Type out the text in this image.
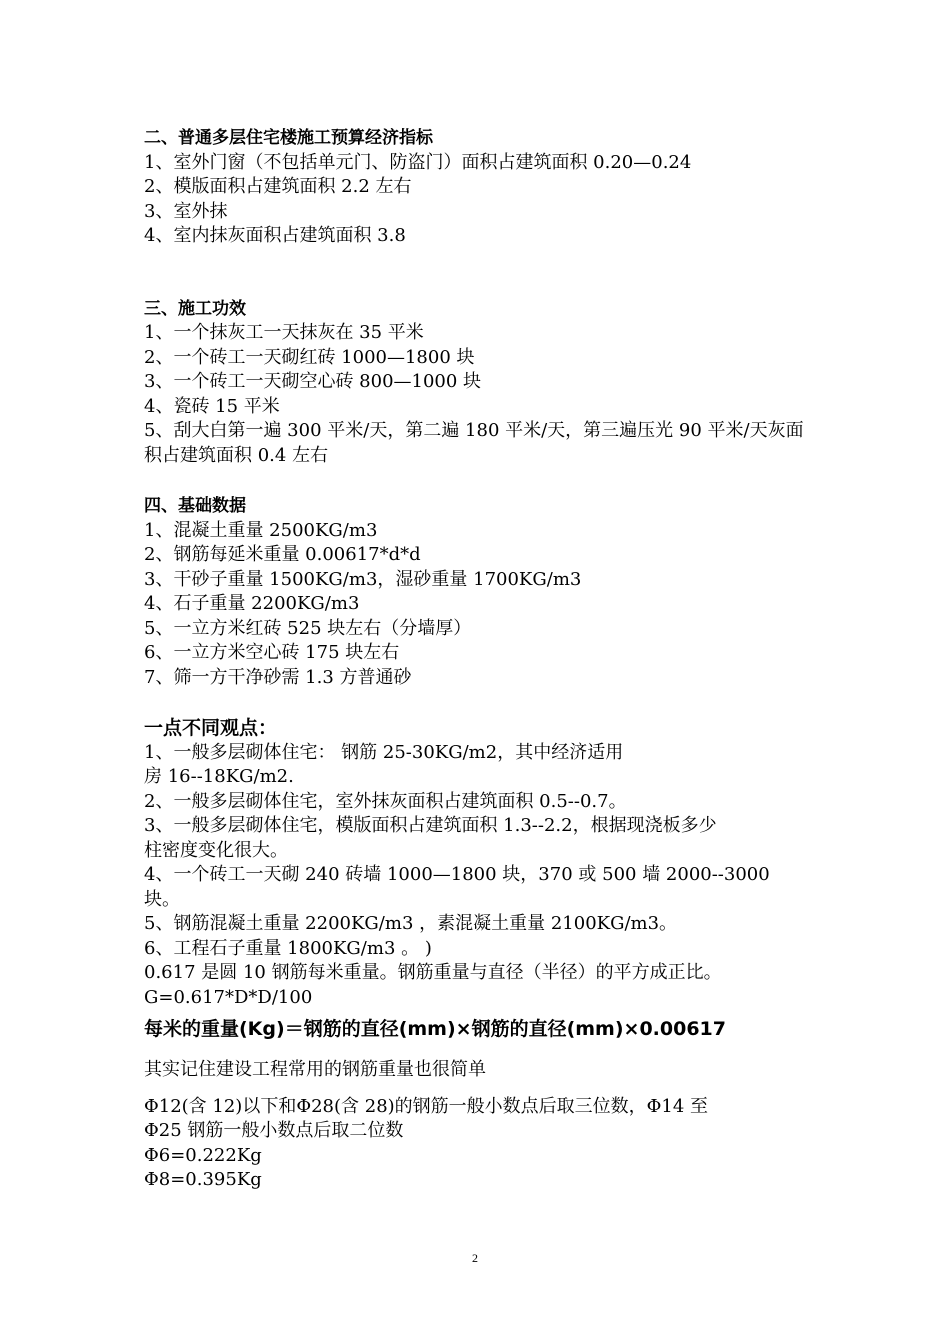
二、普通多层住宅楼施工预算经济指标
1、室外门窗（不包括单元门、防盗门）面积占建筑面积 0.20—0.24
2、模版面积占建筑面积 2.2 左右
3、室外抹
4、室内抹灰面积占建筑面积 3.8
三、施工功效
1、一个抹灰工一天抹灰在 35 平米
2、一个砖工一天砌红砖 1000—1800 块
3、一个砖工一天砌空心砖 800—1000 块
4、瓷砖 15 平米
5、刮大白第一遍 300 平米/天，第二遍 180 平米/天，第三遍压光 90 平米/天灰面积占建筑面积 0.4 左右
四、基础数据
1、混凝土重量 2500KG/m3
2、钢筋每延米重量 0.00617*d*d
3、干砂子重量 1500KG/m3，湿砂重量 1700KG/m3
4、石子重量 2200KG/m3
5、一立方米红砖 525 块左右（分墙厚）
6、一立方米空心砖 175 块左右
7、筛一方干净砂需 1.3 方普通砂
一点不同观点：
1、一般多层砌体住宅： 钢筋 25-30KG/m2，其中经济适用
房 16--18KG/m2.
2、一般多层砌体住宅，室外抹灰面积占建筑面积 0.5--0.7。
3、一般多层砌体住宅，模版面积占建筑面积 1.3--2.2，根据现浇板多少
柱密度变化很大。
4、一个砖工一天砌 240 砖墙 1000—1800 块，370 或 500 墙 2000--3000
块。
5、钢筋混凝土重量 2200KG/m3 ，素混凝土重量 2100KG/m3。
6、工程石子重量 1800KG/m3 。 )
0.617 是圆 10 钢筋每米重量。钢筋重量与直径（半径）的平方成正比。
G=0.617*D*D/100
每米的重量(Kg)＝钢筋的直径(mm)×钢筋的直径(mm)×0.00617
其实记住建设工程常用的钢筋重量也很简单
Φ12(含 12)以下和Φ28(含 28)的钢筋一般小数点后取三位数，Φ14 至
Φ25 钢筋一般小数点后取二位数
Φ6=0.222Kg
Φ8=0.395Kg
2
